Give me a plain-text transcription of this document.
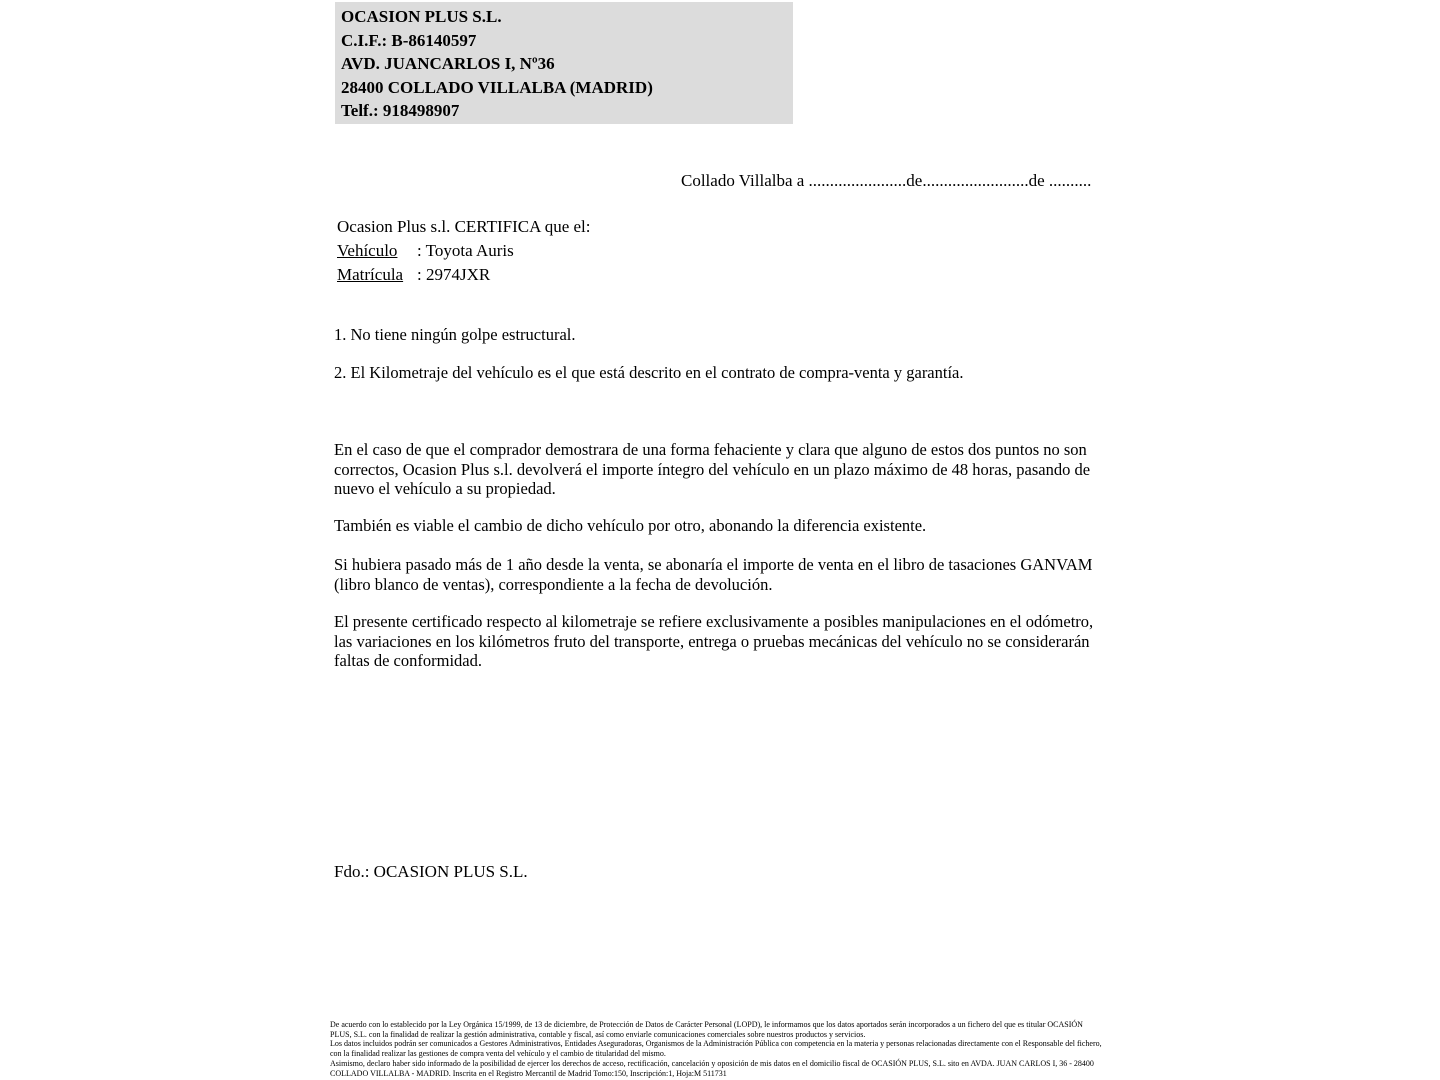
OCASION PLUS S.L.
C.I.F.: B-86140597
AVD. JUANCARLOS I, Nº36
28400 COLLADO VILLALBA (MADRID)
Telf.: 918498907
Collado Villalba a .......................de.........................de ..........
Ocasion Plus s.l. CERTIFICA que el:
Vehículo : Toyota Auris
Matrícula : 2974JXR
1. No tiene ningún golpe estructural.
2. El Kilometraje del vehículo es el que está descrito en el contrato de compra-venta y garantía.
En el caso de que el comprador demostrara de una forma fehaciente y clara que alguno de estos dos puntos no son correctos, Ocasion Plus s.l. devolverá el importe íntegro del vehículo en un plazo máximo de 48 horas, pasando de nuevo el vehículo a su propiedad.
También es viable el cambio de dicho vehículo por otro, abonando la diferencia existente.
Si hubiera pasado más de 1 año desde la venta, se abonaría el importe de venta en el libro de tasaciones GANVAM (libro blanco de ventas), correspondiente a la fecha de devolución.
El presente certificado respecto al kilometraje se refiere exclusivamente a posibles manipulaciones en el odómetro, las variaciones en los kilómetros fruto del transporte, entrega o pruebas mecánicas del vehículo no se considerarán faltas de conformidad.
Fdo.: OCASION PLUS S.L.

De acuerdo con lo establecido por la Ley Orgánica 15/1999, de 13 de diciembre, de Protección de Datos de Carácter Personal (LOPD), le informamos que los datos aportados serán incorporados a un fichero del que es titular OCASIÓN PLUS, S.L. con la finalidad de realizar la gestión administrativa, contable y fiscal, así como enviarle comunicaciones comerciales sobre nuestros productos y servicios.

Los datos incluidos podrán ser comunicados a Gestores Administrativos, Entidades Aseguradoras, Organismos de la Administración Pública con competencia en la materia y personas relacionadas directamente con el Responsable del fichero, con la finalidad realizar las gestiones de compra venta del vehículo y el cambio de titularidad del mismo.

Asimismo, declaro haber sido informado de la posibilidad de ejercer los derechos de acceso, rectificación, cancelación y oposición de mis datos en el domicilio fiscal de OCASIÓN PLUS, S.L. sito en AVDA. JUAN CARLOS I, 36 - 28400 COLLADO VILLALBA - MADRID. Inscrita en el Registro Mercantil de Madrid Tomo:150, Inscripción:1, Hoja:M 511731
